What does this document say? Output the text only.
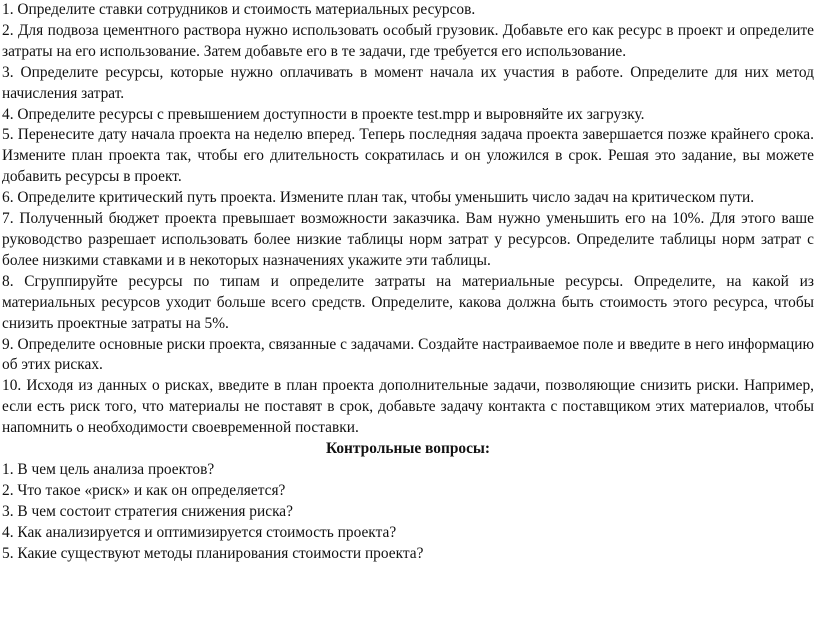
1. Определите ставки сотрудников и стоимость материальных ресурсов.

2. Для подвоза цементного раствора нужно использовать особый грузовик. Добавьте его как ресурс в проект и определите затраты на его использование. Затем добавьте его в те задачи, где требуется его использование.

3. Определите ресурсы, которые нужно оплачивать в момент начала их участия в работе. Определите для них метод начисления затрат.

4. Определите ресурсы с превышением доступности в проекте test.mpp и выровняйте их загрузку.

5. Перенесите дату начала проекта на неделю вперед. Теперь последняя задача проекта завершается позже крайнего срока. Измените план проекта так, чтобы его длительность сократилась и он уложился в срок. Решая это задание, вы можете добавить ресурсы в проект.

6. Определите критический путь проекта. Измените план так, чтобы уменьшить число задач на критическом пути.

7. Полученный бюджет проекта превышает возможности заказчика. Вам нужно уменьшить его на 10%. Для этого ваше руководство разрешает использовать более низкие таблицы норм затрат у ресурсов. Определите таблицы норм затрат с более низкими ставками и в некоторых назначениях укажите эти таблицы.

8. Сгруппируйте ресурсы по типам и определите затраты на материальные ресурсы. Определите, на какой из материальных ресурсов уходит больше всего средств. Определите, какова должна быть стоимость этого ресурса, чтобы снизить проектные затраты на 5%.

9. Определите основные риски проекта, связанные с задачами. Создайте настраиваемое поле и введите в него информацию об этих рисках.

10. Исходя из данных о рисках, введите в план проекта дополнительные задачи, позволяющие снизить риски. Например, если есть риск того, что материалы не поставят в срок, добавьте задачу контакта с поставщиком этих материалов, чтобы напомнить о необходимости своевременной поставки.

Контрольные вопросы:

1. В чем цель анализа проектов?

2. Что такое «риск» и как он определяется?

3. В чем состоит стратегия снижения риска?

4. Как анализируется и оптимизируется стоимость проекта?

5. Какие существуют методы планирования стоимости проекта?
